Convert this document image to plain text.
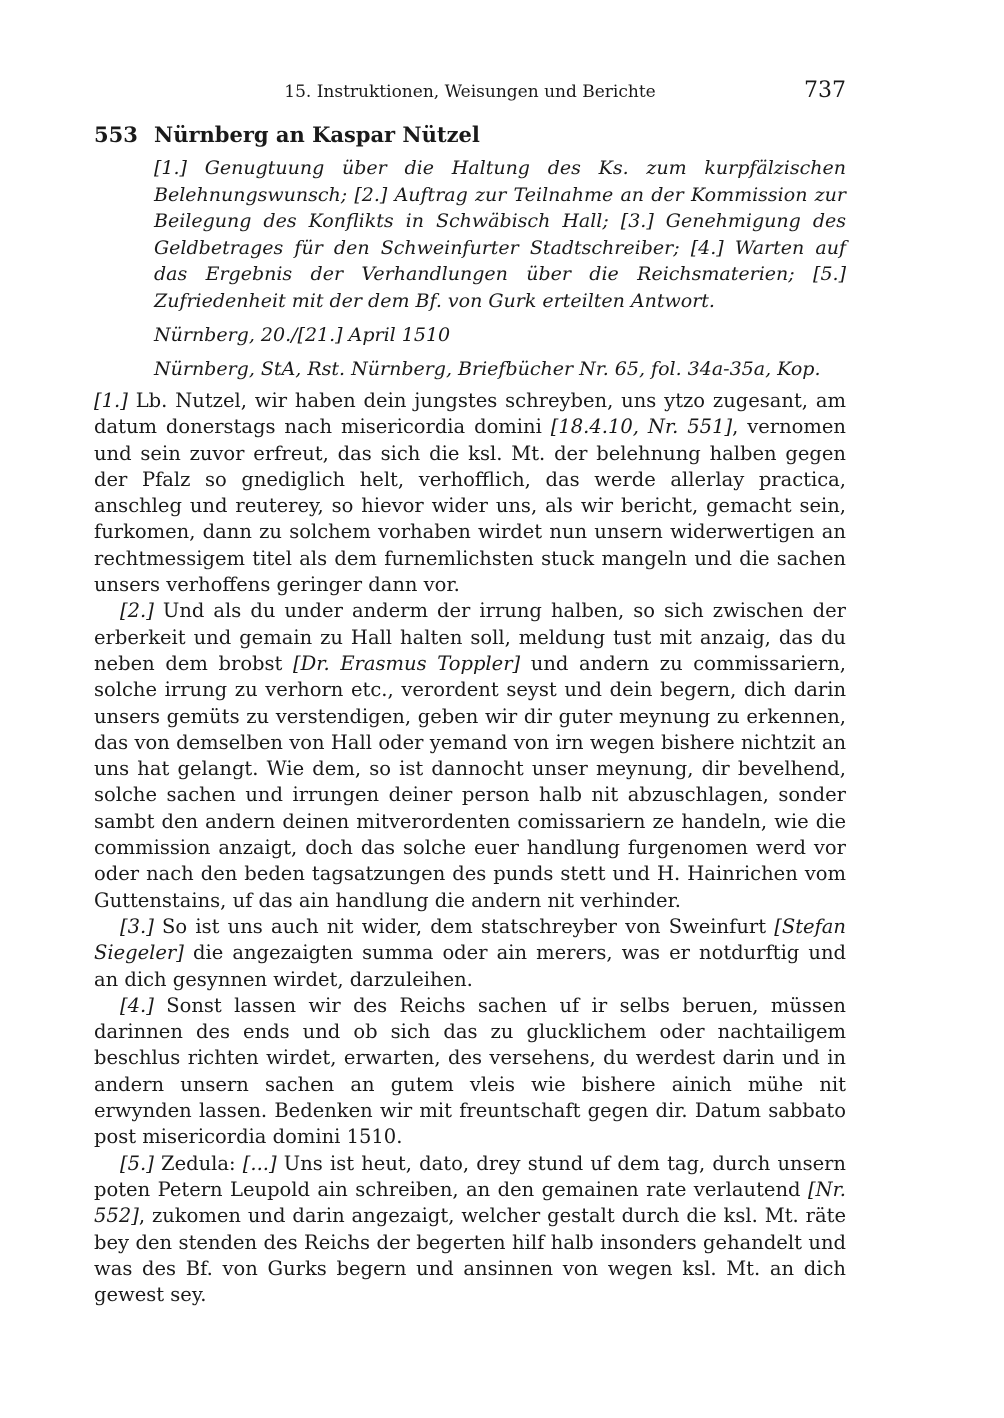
15. Instruktionen, Weisungen und Berichte	737
553 Nürnberg an Kaspar Nützel
[1.] Genugtuung über die Haltung des Ks. zum kurpfälzischen Belehnungswunsch; [2.] Auftrag zur Teilnahme an der Kommission zur Beilegung des Konflikts in Schwäbisch Hall; [3.] Genehmigung des Geldbetrages für den Schweinfurter Stadtschreiber; [4.] Warten auf das Ergebnis der Verhandlungen über die Reichsmaterien; [5.] Zufriedenheit mit der dem Bf. von Gurk erteilten Antwort.
Nürnberg, 20./[21.] April 1510
Nürnberg, StA, Rst. Nürnberg, Briefbücher Nr. 65, fol. 34a-35a, Kop.

[1.] Lb. Nutzel, wir haben dein jungstes schreyben, uns ytzo zugesant, am datum donerstags nach misericordia domini [18.4.10, Nr. 551], vernomen und sein zuvor erfreut, das sich die ksl. Mt. der belehnung halben gegen der Pfalz so gnediglich helt, verhofflich, das werde allerlay practica, anschleg und reuterey, so hievor wider uns, als wir bericht, gemacht sein, furkomen, dann zu solchem vorhaben wirdet nun unsern widerwertigen an rechtmessigem titel als dem furnemlichsten stuck mangeln und die sachen unsers verhoffens geringer dann vor.

[2.] Und als du under anderm der irrung halben, so sich zwischen der erberkeit und gemain zu Hall halten soll, meldung tust mit anzaig, das du neben dem brobst [Dr. Erasmus Toppler] und andern zu commissariern, solche irrung zu verhorn etc., verordent seyst und dein begern, dich darin unsers gemüts zu verstendigen, geben wir dir guter meynung zu erkennen, das von demselben von Hall oder yemand von irn wegen bishere nichtzit an uns hat gelangt. Wie dem, so ist dannocht unser meynung, dir bevelhend, solche sachen und irrungen deiner person halb nit abzuschlagen, sonder sambt den andern deinen mitverordenten comissariern ze handeln, wie die commission anzaigt, doch das solche euer handlung furgenomen werd vor oder nach den beden tagsatzungen des punds stett und H. Hainrichen vom Guttenstains, uf das ain handlung die andern nit verhinder.

[3.] So ist uns auch nit wider, dem statschreyber von Sweinfurt [Stefan Siegeler] die angezaigten summa oder ain merers, was er notdurftig und an dich gesynnen wirdet, darzuleihen.

[4.] Sonst lassen wir des Reichs sachen uf ir selbs beruen, müssen darinnen des ends und ob sich das zu glucklichem oder nachtailigem beschlus richten wirdet, erwarten, des versehens, du werdest darin und in andern unsern sachen an gutem vleis wie bishere ainich mühe nit erwynden lassen. Bedenken wir mit freuntschaft gegen dir. Datum sabbato post misericordia domini 1510.

[5.] Zedula: [...] Uns ist heut, dato, drey stund uf dem tag, durch unsern poten Petern Leupold ain schreiben, an den gemainen rate verlautend [Nr. 552], zukomen und darin angezaigt, welcher gestalt durch die ksl. Mt. räte bey den stenden des Reichs der begerten hilf halb insonders gehandelt und was des Bf. von Gurks begern und ansinnen von wegen ksl. Mt. an dich gewest sey.
